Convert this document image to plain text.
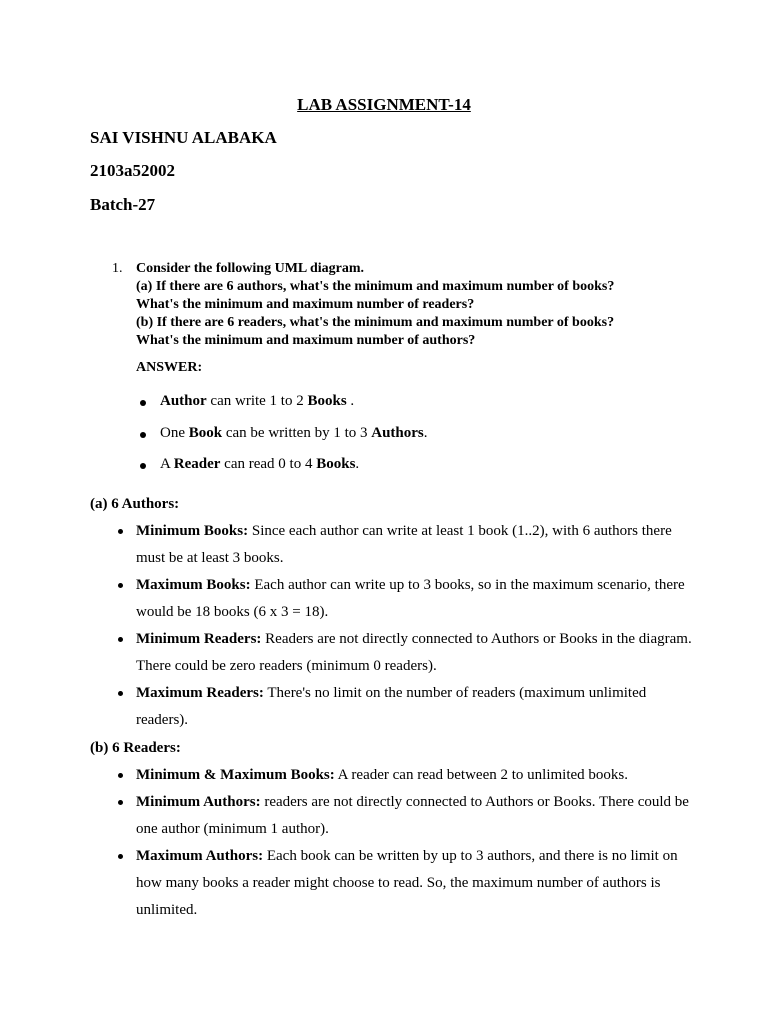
LAB ASSIGNMENT-14
SAI VISHNU ALABAKA
2103a52002
Batch-27
1. Consider the following UML diagram.
(a) If there are 6 authors, what's the minimum and maximum number of books?
What's the minimum and maximum number of readers?
(b) If there are 6 readers, what's the minimum and maximum number of books?
What's the minimum and maximum number of authors?
ANSWER:
Author can write 1 to 2 Books .
One Book can be written by 1 to 3 Authors.
A Reader can read 0 to 4 Books.
(a) 6 Authors:
Minimum Books: Since each author can write at least 1 book (1..2), with 6 authors there must be at least 3 books.
Maximum Books: Each author can write up to 3 books, so in the maximum scenario, there would be 18 books (6 x 3 = 18).
Minimum Readers: Readers are not directly connected to Authors or Books in the diagram. There could be zero readers (minimum 0 readers).
Maximum Readers: There's no limit on the number of readers (maximum unlimited readers).
(b) 6 Readers:
Minimum & Maximum Books: A reader can read between 2 to unlimited books.
Minimum Authors: readers are not directly connected to Authors or Books. There could be one author (minimum 1 author).
Maximum Authors: Each book can be written by up to 3 authors, and there is no limit on how many books a reader might choose to read. So, the maximum number of authors is unlimited.
